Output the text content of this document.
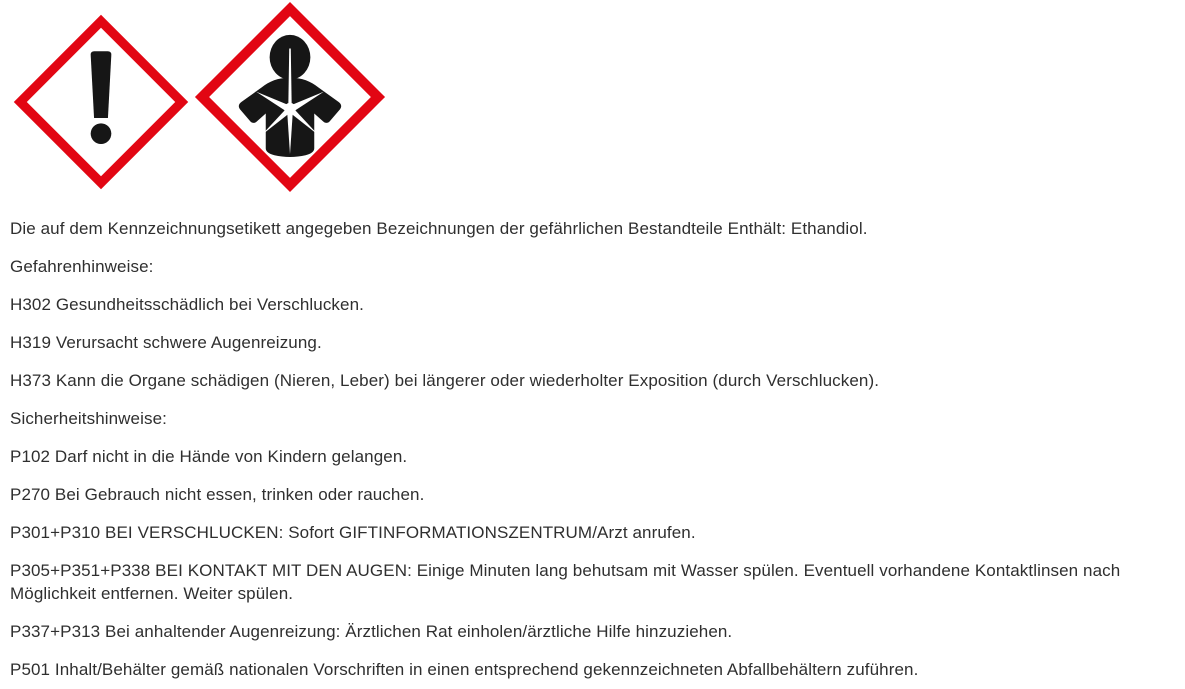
Die auf dem Kennzeichnungsetikett angegeben Bezeichnungen der gefährlichen Bestandteile Enthält: Ethandiol.

Gefahrenhinweise:

H302 Gesundheitsschädlich bei Verschlucken.

H319 Verursacht schwere Augenreizung.

H373 Kann die Organe schädigen (Nieren, Leber) bei längerer oder wiederholter Exposition (durch Verschlucken).

Sicherheitshinweise:

P102 Darf nicht in die Hände von Kindern gelangen.

P270 Bei Gebrauch nicht essen, trinken oder rauchen.

P301+P310 BEI VERSCHLUCKEN: Sofort GIFTINFORMATIONSZENTRUM/Arzt anrufen.

P305+P351+P338 BEI KONTAKT MIT DEN AUGEN: Einige Minuten lang behutsam mit Wasser spülen. Eventuell vorhandene Kontaktlinsen nach Möglichkeit entfernen. Weiter spülen.

P337+P313 Bei anhaltender Augenreizung: Ärztlichen Rat einholen/ärztliche Hilfe hinzuziehen.

P501 Inhalt/Behälter gemäß nationalen Vorschriften in einen entsprechend gekennzeichneten Abfallbehältern zuführen.
